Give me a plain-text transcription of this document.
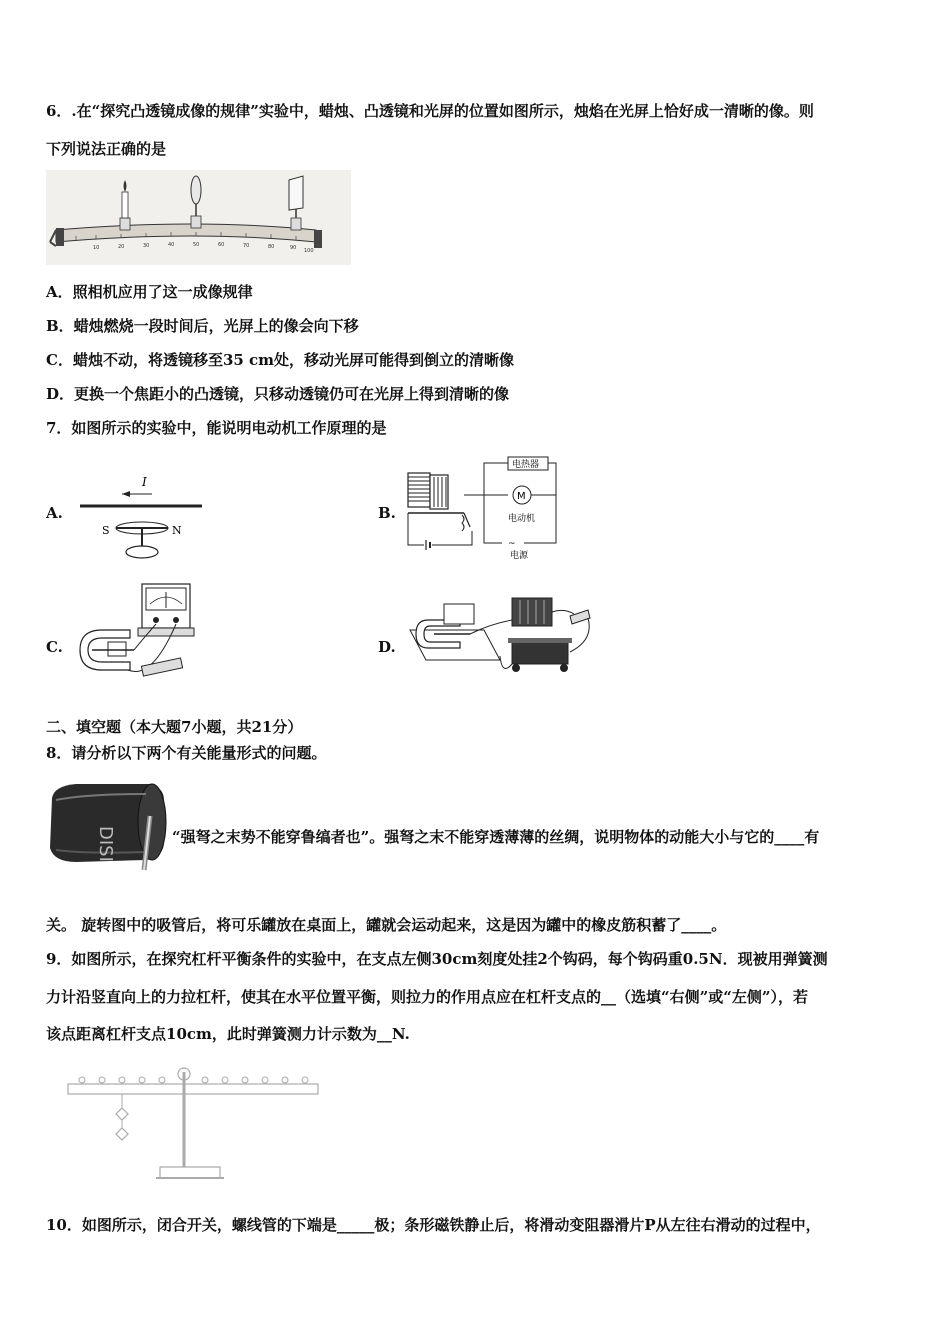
6．.在“探究凸透镜成像的规律”实验中，蜡烛、凸透镜和光屏的位置如图所示，烛焰在光屏上恰好成一清晰的像。则
下列说法正确的是
10	20	30	40	50	60	70	80	90 100
A．照相机应用了这一成像规律
B．蜡烛燃烧一段时间后，光屏上的像会向下移
C．蜡烛不动，将透镜移至35 cm处，移动光屏可能得到倒立的清晰像
D．更换一个焦距小的凸透镜，只移动透镜仍可在光屏上得到清晰的像
7．如图所示的实验中，能说明电动机工作原理的是
A.
I
S	N
B.
电热器
M
电动机
~
电源
C.	D.
二、填空题（本大题7小题，共21分）
8．请分析以下两个有关能量形式的问题。
DISI	“强弩之末势不能穿鲁缟者也”。强弩之末不能穿透薄薄的丝绸，说明物体的动能大小与它的____有
关。 旋转图中的吸管后，将可乐罐放在桌面上，罐就会运动起来，这是因为罐中的橡皮筋积蓄了____。
9．如图所示，在探究杠杆平衡条件的实验中，在支点左侧30cm刻度处挂2个钩码，每个钩码重0.5N．现被用弹簧测
力计沿竖直向上的力拉杠杆，使其在水平位置平衡，则拉力的作用点应在杠杆支点的__（选填“右侧”或“左侧”），若
该点距离杠杆支点10cm，此时弹簧测力计示数为__N.
10．如图所示，闭合开关，螺线管的下端是_____极；条形磁铁静止后，将滑动变阻器滑片P从左往右滑动的过程中，
